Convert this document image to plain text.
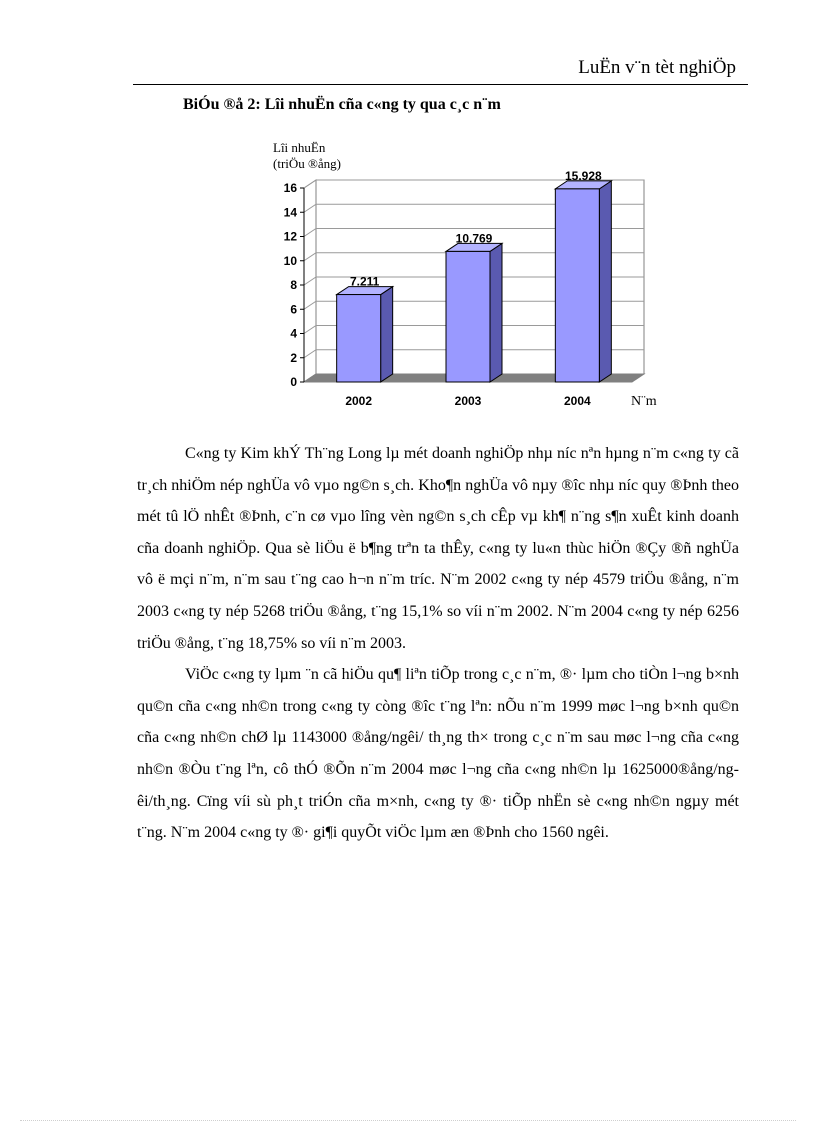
LuËn v¨n tèt nghiÖp
BiÓu ®å 2: Lîi nhuËn cña c«ng ty qua c¸c n¨m
0
2
4
6
8
10
12
14
16
Lîi nhuËn
(triÖu ®ång)
7.211
2002
10.769
2003
15.928
2004	N¨m

C«ng ty Kim khÝ Th¨ng Long lµ mét doanh nghiÖp nhµ níc nªn hµng n¨m c«ng ty cã tr¸ch nhiÖm nép nghÜa vô vµo ng©n s¸ch. Kho¶n nghÜa vô nµy ®îc nhµ níc quy ®Þnh theo mét tû lÖ nhÊt ®Þnh, c¨n cø vµo lîng vèn ng©n s¸ch cÊp vµ kh¶ n¨ng s¶n xuÊt kinh doanh cña doanh nghiÖp. Qua sè liÖu ë b¶ng trªn ta thÊy, c«ng ty lu«n thùc hiÖn ®Çy ®ñ nghÜa vô ë mçi n¨m, n¨m sau t¨ng cao h¬n n¨m tríc. N¨m 2002 c«ng ty nép 4579 triÖu ®ång, n¨m 2003 c«ng ty nép 5268 triÖu ®ång, t¨ng 15,1% so víi n¨m 2002. N¨m 2004 c«ng ty nép 6256 triÖu ®ång, t¨ng 18,75% so víi n¨m 2003.

ViÖc c«ng ty lµm ¨n cã hiÖu qu¶ liªn tiÕp trong c¸c n¨m, ®· lµm cho tiÒn l¬ng b×nh qu©n cña c«ng nh©n trong c«ng ty còng ®îc t¨ng lªn: nÕu n¨m 1999 møc l¬ng b×nh qu©n cña c«ng nh©n chØ lµ 1143000 ®ång/ngêi/ th¸ng th× trong c¸c n¨m sau møc l¬ng cña c«ng nh©n ®Òu t¨ng lªn, cô thÓ ®Õn n¨m 2004 møc l¬ng cña c«ng nh©n lµ 1625000®ång/ngêi/th¸ng. Cïng víi sù ph¸t triÓn cña m×nh, c«ng ty ®· tiÕp nhËn sè c«ng nh©n ngµy mét t¨ng. N¨m 2004 c«ng ty ®· gi¶i quyÕt viÖc lµm æn ®Þnh cho 1560 ngêi.
